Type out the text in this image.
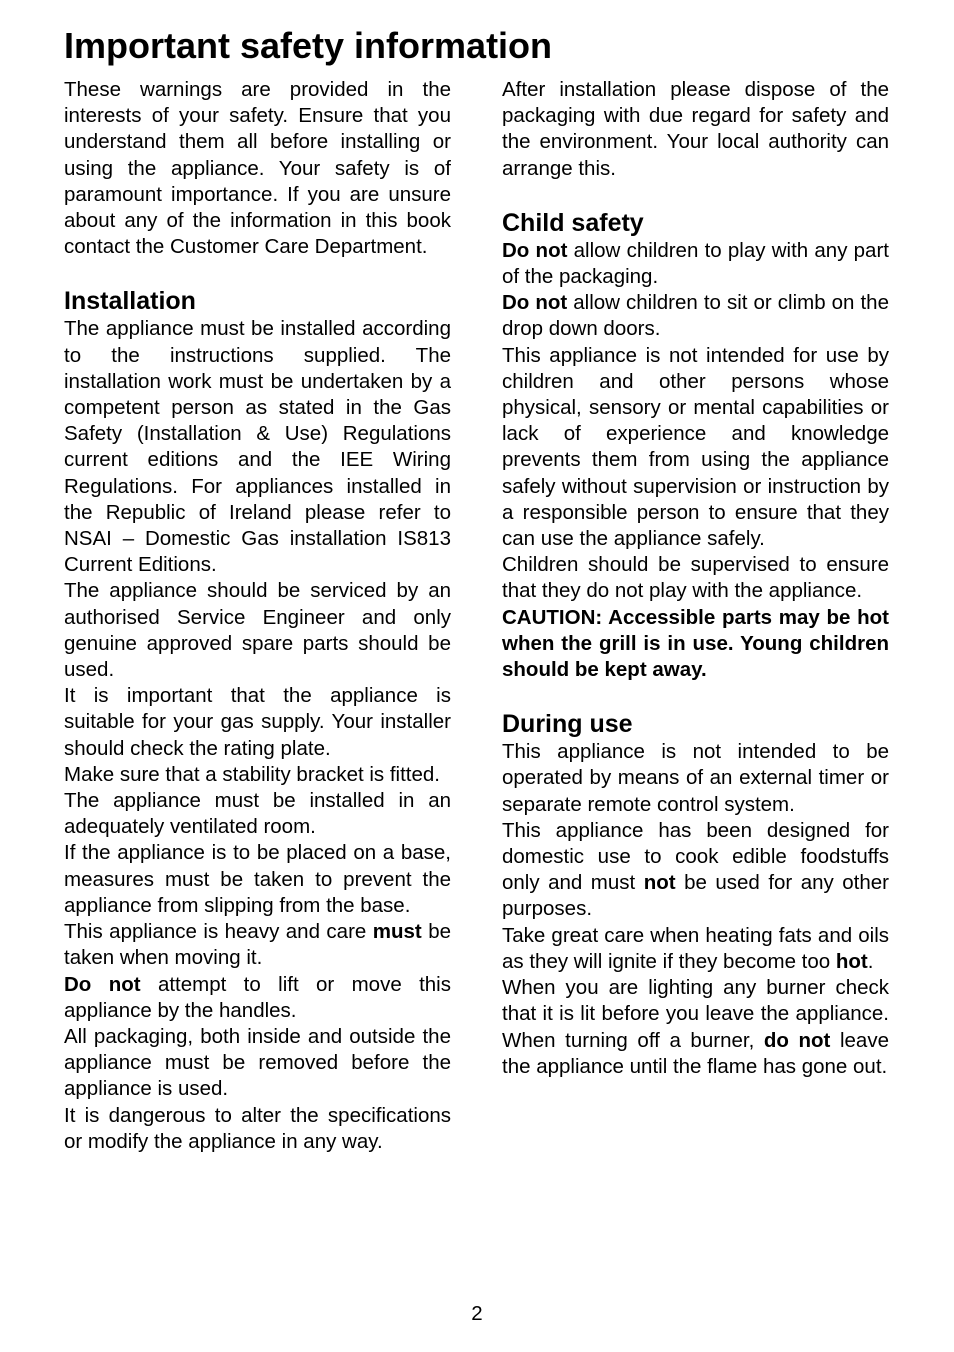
Important safety information

These warnings are provided in the interests of your safety. Ensure that you understand them all before installing or using the appliance. Your safety is of paramount importance. If you are unsure about any of the information in this book contact the Customer Care Department.

Installation

The appliance must be installed according to the instructions supplied. The installation work must be undertaken by a competent person as stated in the Gas Safety (Installation & Use) Regulations current editions and the IEE Wiring Regulations. For appliances installed in the Republic of Ireland please refer to NSAI – Domestic Gas installation IS813 Current Editions.

The appliance should be serviced by an authorised Service Engineer and only genuine approved spare parts should be used.

It is important that the appliance is suitable for your gas supply. Your installer should check the rating plate.

Make sure that a stability bracket is fitted.

The appliance must be installed in an adequately ventilated room.

If the appliance is to be placed on a base, measures must be taken to prevent the appliance from slipping from the base.

This appliance is heavy and care must be taken when moving it.

Do not attempt to lift or move this appliance by the handles.

All packaging, both inside and outside the appliance must be removed before the appliance is used.

It is dangerous to alter the specifications or modify the appliance in any way.

After installation please dispose of the packaging with due regard for safety and the environment. Your local authority can arrange this.

Child safety

Do not allow children to play with any part of the packaging.

Do not allow children to sit or climb on the drop down doors.

This appliance is not intended for use by children and other persons whose physical, sensory or mental capabilities or lack of experience and knowledge prevents them from using the appliance safely without supervision or instruction by a responsible person to ensure that they can use the appliance safely.

Children should be supervised to ensure that they do not play with the appliance.

CAUTION: Accessible parts may be hot when the grill is in use. Young children should be kept away.

During use

This appliance is not intended to be operated by means of an external timer or separate remote control system.

This appliance has been designed for domestic use to cook edible foodstuffs only and must not be used for any other purposes.

Take great care when heating fats and oils as they will ignite if they become too hot.

When you are lighting any burner check that it is lit before you leave the appliance. When turning off a burner, do not leave the appliance until the flame has gone out.

2
